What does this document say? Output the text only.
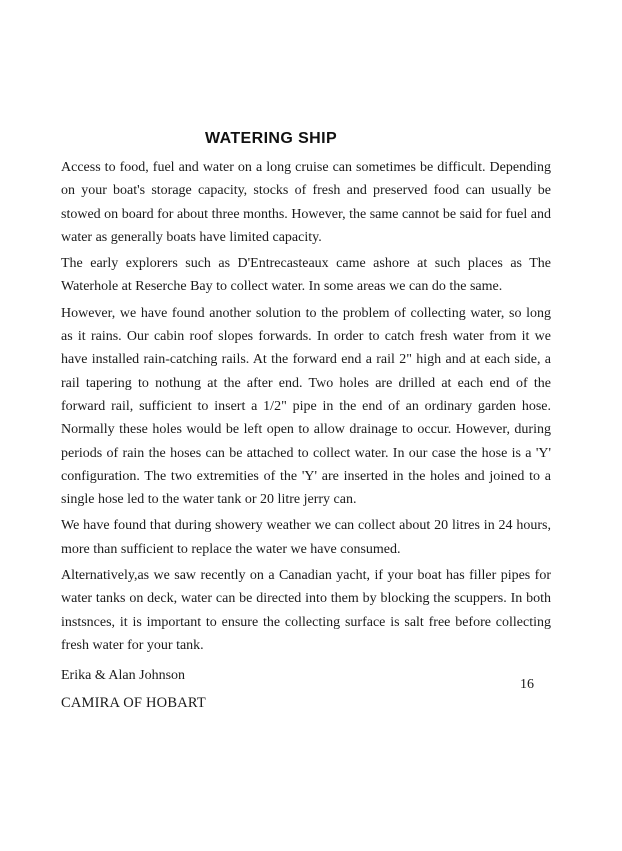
WATERING SHIP

Access to food, fuel and water on a long cruise can sometimes be difficult. Depending on your boat's storage capacity, stocks of fresh and preserved food can usually be stowed on board for about three months. However, the same cannot be said for fuel and water as generally boats have limited capacity.

The early explorers such as D'Entrecasteaux came ashore at such places as The Waterhole at Reserche Bay to collect water. In some areas we can do the same.

However, we have found another solution to the problem of collecting water, so long as it rains. Our cabin roof slopes forwards. In order to catch fresh water from it we have installed rain-catching rails. At the forward end a rail 2" high and at each side, a rail tapering to nothung at the after end. Two holes are drilled at each end of the forward rail, sufficient to insert a 1/2" pipe in the end of an ordinary garden hose. Normally these holes would be left open to allow drainage to occur. However, during periods of rain the hoses can be attached to collect water. In our case the hose is a 'Y' configuration. The two extremities of the 'Y' are inserted in the holes and joined to a single hose led to the water tank or 20 litre jerry can.

We have found that during showery weather we can collect about 20 litres in 24 hours, more than sufficient to replace the water we have consumed.

Alternatively,as we saw recently on a Canadian yacht, if your boat has filler pipes for water tanks on deck, water can be directed into them by blocking the scuppers. In both instsnces, it is important to ensure the collecting surface is salt free before collecting fresh water for your tank.

Erika & Alan Johnson

CAMIRA OF HOBART

16
